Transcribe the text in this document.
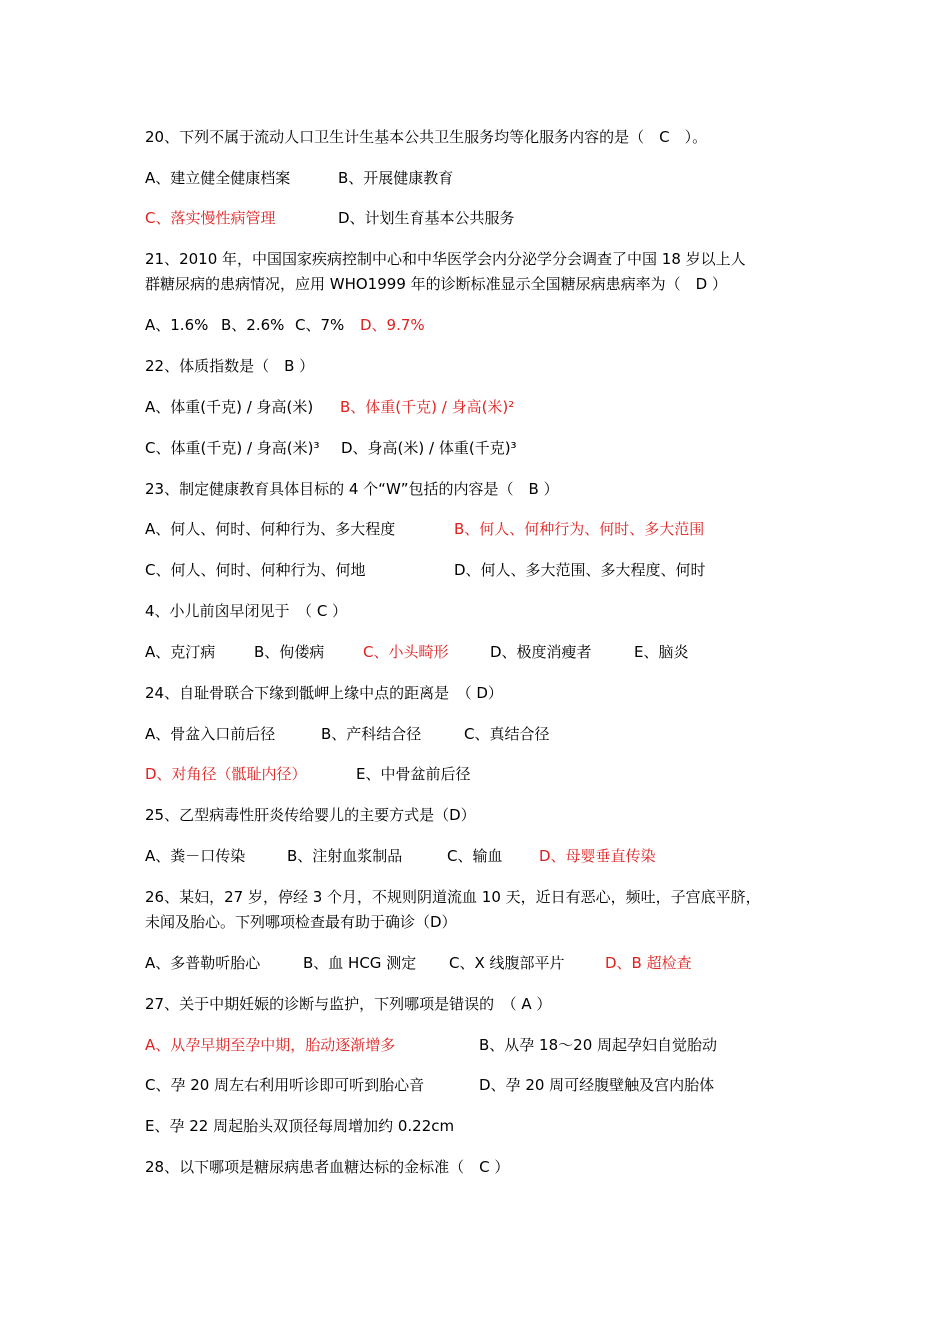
20、下列不属于流动人口卫生计生基本公共卫生服务均等化服务内容的是（　C　）。
A、建立健全健康档案	B、开展健康教育
C、落实慢性病管理	D、计划生育基本公共服务
21、2010 年，中国国家疾病控制中心和中华医学会内分泌学分会调查了中国 18 岁以上人
群糖尿病的患病情况，应用 WHO1999 年的诊断标准显示全国糖尿病患病率为（　D ）
A、1.6% B、2.6% C、7% D、9.7%
22、体质指数是（　B ）
A、体重(千克) / 身高(米) B、体重(千克) / 身高(米)²
C、体重(千克) / 身高(米)³ D、身高(米) / 体重(千克)³
23、制定健康教育具体目标的 4 个“W”包括的内容是（　B ）
A、何人、何时、何种行为、多大程度	B、何人、何种行为、何时、多大范围
C、何人、何时、何种行为、何地	D、何人、多大范围、多大程度、何时
4、小儿前囟早闭见于　（ C ）
A、克汀病	B、佝偻病	C、小头畸形	D、极度消瘦者	E、脑炎
24、自耻骨联合下缘到骶岬上缘中点的距离是　（ D）
A、骨盆入口前后径	B、产科结合径	C、真结合径
D、对角径（骶耻内径）	E、中骨盆前后径
25、乙型病毒性肝炎传给婴儿的主要方式是（D）
A、粪－口传染	B、注射血浆制品	C、输血 D、母婴垂直传染
26、某妇，27 岁，停经 3 个月，不规则阴道流血 10 天，近日有恶心，频吐，子宫底平脐，
未闻及胎心。下列哪项检查最有助于确诊（D）
A、多普勒听胎心	B、血 HCG 测定 C、X 线腹部平片	D、B 超检查
27、关于中期妊娠的诊断与监护，下列哪项是错误的　（ A ）
A、从孕早期至孕中期，胎动逐渐增多	B、从孕 18～20 周起孕妇自觉胎动
C、孕 20 周左右利用听诊即可听到胎心音	D、孕 20 周可经腹壁触及宫内胎体
E、孕 22 周起胎头双顶径每周增加约 0.22cm
28、以下哪项是糖尿病患者血糖达标的金标准（　C ）
